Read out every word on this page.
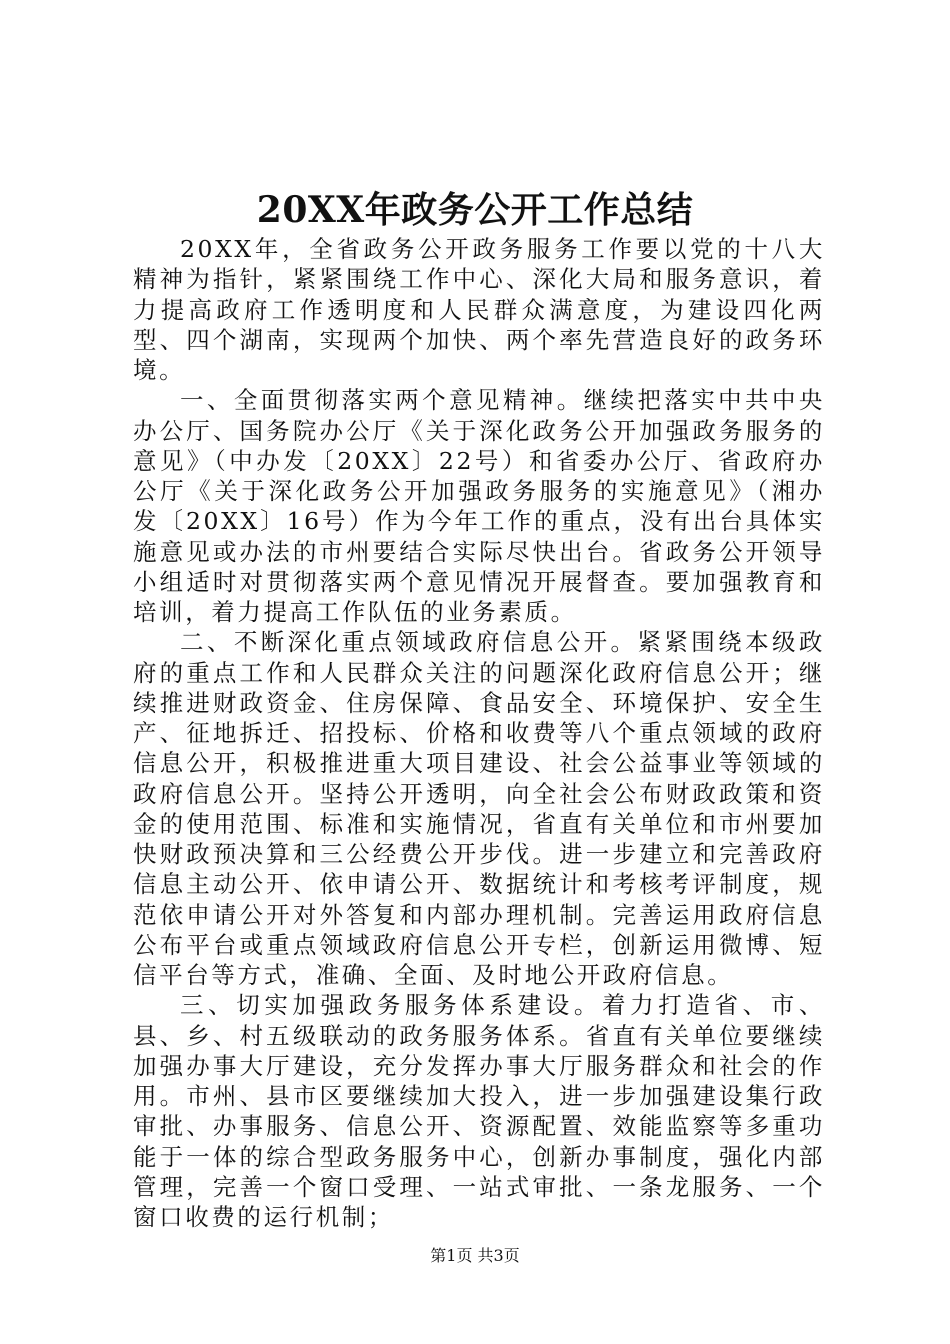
20XX年政务公开工作总结

20XX年，全省政务公开政务服务工作要以党的十八大精神为指针，紧紧围绕工作中心、深化大局和服务意识，着力提高政府工作透明度和人民群众满意度，为建设四化两型、四个湖南，实现两个加快、两个率先营造良好的政务环境。

一、全面贯彻落实两个意见精神。继续把落实中共中央办公厅、国务院办公厅《关于深化政务公开加强政务服务的意见》（中办发〔20XX〕22号）和省委办公厅、省政府办公厅《关于深化政务公开加强政务服务的实施意见》（湘办发〔20XX〕16号）作为今年工作的重点，没有出台具体实施意见或办法的市州要结合实际尽快出台。省政务公开领导小组适时对贯彻落实两个意见情况开展督查。要加强教育和培训，着力提高工作队伍的业务素质。

二、不断深化重点领域政府信息公开。紧紧围绕本级政府的重点工作和人民群众关注的问题深化政府信息公开；继续推进财政资金、住房保障、食品安全、环境保护、安全生产、征地拆迁、招投标、价格和收费等八个重点领域的政府信息公开，积极推进重大项目建设、社会公益事业等领域的政府信息公开。坚持公开透明，向全社会公布财政政策和资金的使用范围、标准和实施情况，省直有关单位和市州要加快财政预决算和三公经费公开步伐。进一步建立和完善政府信息主动公开、依申请公开、数据统计和考核考评制度，规范依申请公开对外答复和内部办理机制。完善运用政府信息公布平台或重点领域政府信息公开专栏，创新运用微博、短信平台等方式，准确、全面、及时地公开政府信息。

三、切实加强政务服务体系建设。着力打造省、市、县、乡、村五级联动的政务服务体系。省直有关单位要继续加强办事大厅建设，充分发挥办事大厅服务群众和社会的作用。市州、县市区要继续加大投入，进一步加强建设集行政审批、办事服务、信息公开、资源配置、效能监察等多重功能于一体的综合型政务服务中心，创新办事制度，强化内部管理，完善一个窗口受理、一站式审批、一条龙服务、一个窗口收费的运行机制；

第1页 共3页
